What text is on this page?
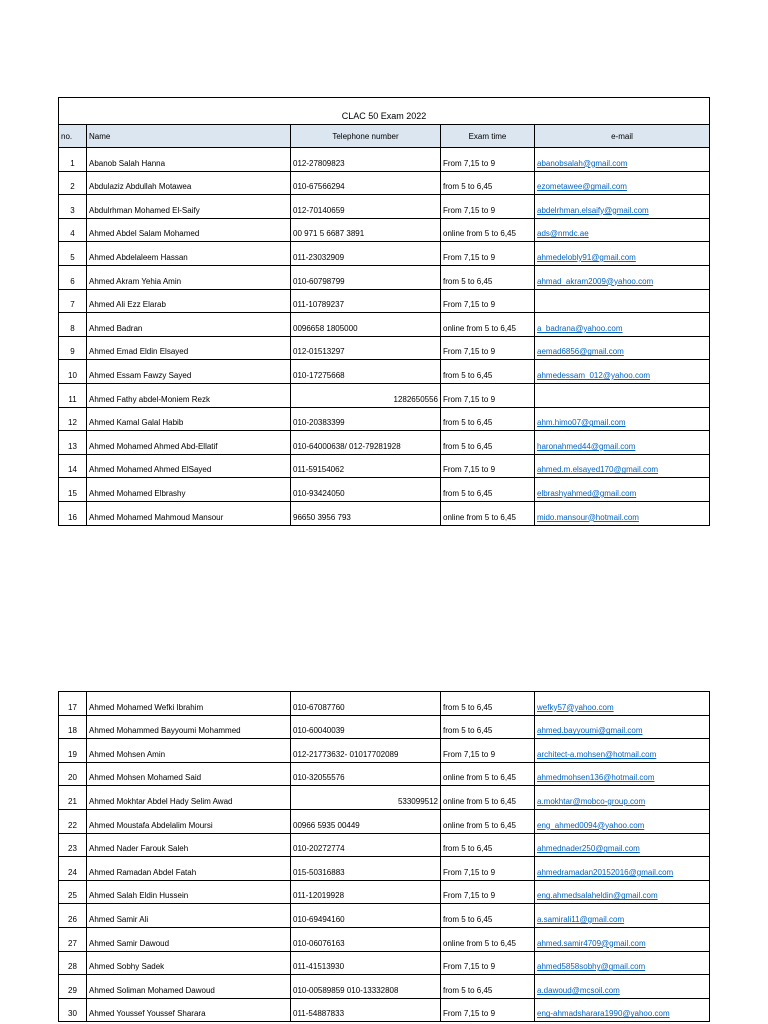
CLAC 50 Exam 2022				
no.	Name	Telephone number	Exam time	e-mail
1	Abanob Salah Hanna	012-27809823	From 7,15 to 9	abanobsalah@gmail.com
2	Abdulaziz Abdullah Motawea	010-67566294	from 5 to 6,45	ezometawee@gmail.com
3	Abdulrhman Mohamed El-Saify	012-70140659	From 7,15 to 9	abdelrhman.elsaify@gmail.com
4	Ahmed Abdel Salam Mohamed	00 971 5 6687 3891	online from 5 to 6,45	ads@nmdc.ae
5	Ahmed Abdelaleem Hassan	011-23032909	From 7,15 to 9	ahmedelobly91@gmail.com
6	Ahmed Akram Yehia Amin	010-60798799	from 5 to 6,45	ahmad_akram2009@yahoo.com
7	Ahmed Ali Ezz Elarab	011-10789237	From 7,15 to 9	
8	Ahmed Badran	0096658 1805000	online from 5 to 6,45	a_badrana@yahoo.com
9	Ahmed Emad Eldin Elsayed	012-01513297	From 7,15 to 9	aemad6856@gmail.com
10	Ahmed Essam Fawzy Sayed	010-17275668	from 5 to 6,45	ahmedessam_012@yahoo.com
11	Ahmed Fathy abdel-Moniem Rezk	1282650556	From 7,15 to 9	
12	Ahmed Kamal Galal Habib	010-20383399	from 5 to 6,45	ahm.himo07@gmail.com
13	Ahmed Mohamed Ahmed Abd-Ellatif	010-64000638/ 012-79281928	from 5 to 6,45	haronahmed44@gmail.com
14	Ahmed Mohamed Ahmed ElSayed	011-59154062	From 7,15 to 9	ahmed.m.elsayed170@gmail.com
15	Ahmed Mohamed Elbrashy	010-93424050	from 5 to 6,45	elbrashyahmed@gmail.com
16	Ahmed Mohamed Mahmoud Mansour	96650 3956 793	online from 5 to 6,45	mido.mansour@hotmail.com
17	Ahmed Mohamed Wefki Ibrahim	010-67087760	from 5 to 6,45	wefky57@yahoo.com
18	Ahmed Mohammed Bayyoumi Mohammed	010-60040039	from 5 to 6,45	ahmed.bayyoumi@gmail.com
19	Ahmed Mohsen Amin	012-21773632- 01017702089	From 7,15 to 9	architect-a.mohsen@hotmail.com
20	Ahmed Mohsen Mohamed Said	010-32055576	online from 5 to 6,45	ahmedmohsen136@hotmail.com
21	Ahmed Mokhtar Abdel Hady Selim Awad	533099512	online from 5 to 6,45	a.mokhtar@mobco-group.com
22	Ahmed Moustafa Abdelalim Moursi	00966 5935 00449	online from 5 to 6,45	eng_ahmed0094@yahoo.com
23	Ahmed Nader Farouk Saleh	010-20272774	from 5 to 6,45	ahmednader250@gmail.com
24	Ahmed Ramadan Abdel Fatah	015-50316883	From 7,15 to 9	ahmedramadan20152016@gmail.com
25	Ahmed Salah Eldin Hussein	011-12019928	From 7,15 to 9	eng.ahmedsalaheldin@gmail.com
26	Ahmed Samir Ali	010-69494160	from 5 to 6,45	a.samirali11@gmail.com
27	Ahmed Samir Dawoud	010-06076163	online from 5 to 6,45	ahmed.samir4709@gmail.com
28	Ahmed Sobhy Sadek	011-41513930	From 7,15 to 9	ahmed5858sobhy@gmail.com
29	Ahmed Soliman Mohamed Dawoud	010-00589859 010-13332808	from 5 to 6,45	a.dawoud@mcsoil.com
30	Ahmed Youssef Youssef Sharara	011-54887833	From 7,15 to 9	eng-ahmadsharara1990@yahoo.com
